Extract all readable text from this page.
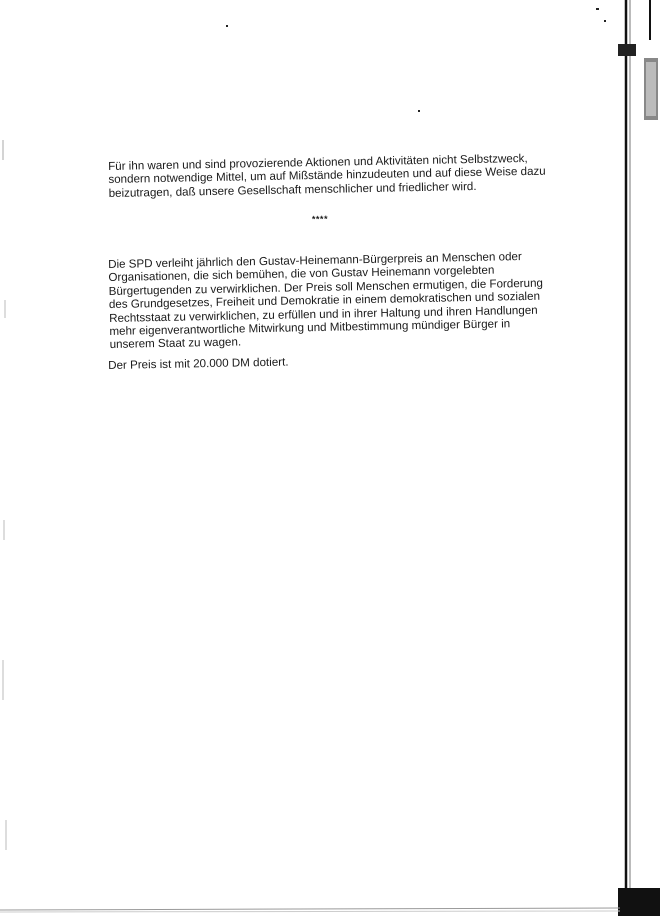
Für ihn waren und sind provozierende Aktionen und Aktivitäten nicht Selbstzweck, sondern notwendige Mittel, um auf Mißstände hinzudeuten und auf diese Weise dazu beizutragen, daß unsere Gesellschaft menschlicher und friedlicher wird.

****

Die SPD verleiht jährlich den Gustav-Heinemann-Bürgerpreis an Menschen oder Organisationen, die sich bemühen, die von Gustav Heinemann vorgelebten Bürgertugenden zu verwirklichen. Der Preis soll Menschen ermutigen, die Forderung des Grundgesetzes, Freiheit und Demokratie in einem demokratischen und sozialen Rechtsstaat zu verwirklichen, zu erfüllen und in ihrer Haltung und ihren Handlungen mehr eigenverantwortliche Mitwirkung und Mitbestimmung mündiger Bürger in unserem Staat zu wagen.

Der Preis ist mit 20.000 DM dotiert.
